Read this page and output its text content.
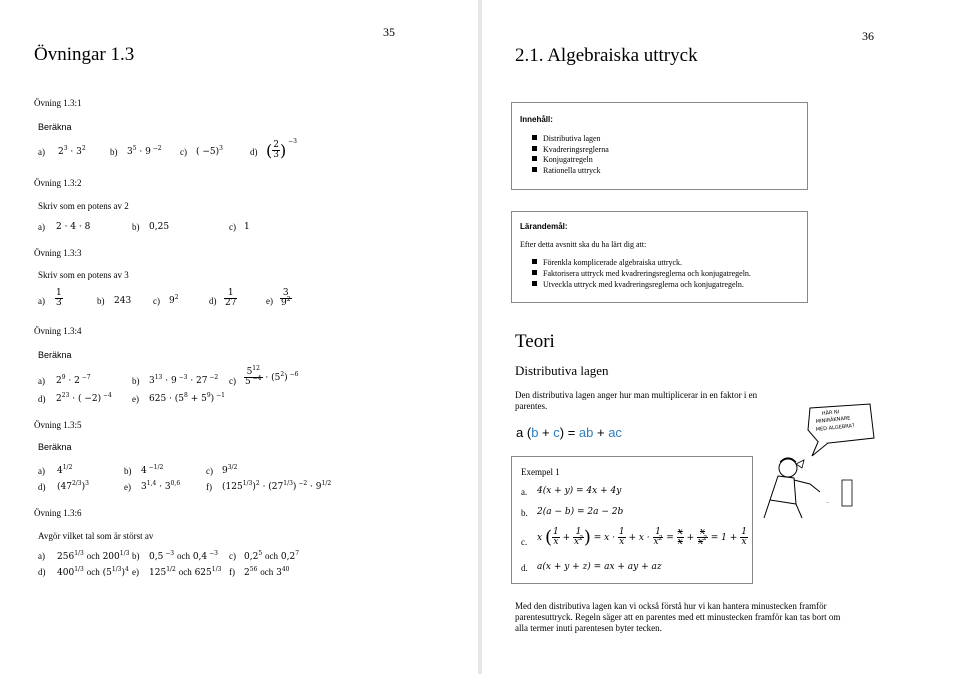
35
Övningar 1.3
Övning 1.3:1
Beräkna
a) $2^3 \cdot 3^2$	b) $3^5 \cdot 9$ $^{-2}$ c) ( −5)$^3$	d) ( $\frac{2}{3}$ ) $^{-3}$
Övning 1.3:2
Skriv som en potens av 2
a) 2 · 4 · 8	b) 0,25	c) 1
Övning 1.3:3
Skriv som en potens av 3
$a) \frac{1}{3}$	b) 243 c) $9^2$	$d) \frac{1}{27}$	$e) \frac{3}{9^2}$
Övning 1.3:4
Beräkna
a) $2^9 \cdot 2$ $^{-7}$	b) $3^{13} \cdot 9$ $^{-3}$ · 27 $^{-2}$ $c) \frac{5^{12}}{5 ^{-4}} \cdot (5^2)$ $^{-6}$
d) $2^{23}$ · ( −2) $^{-4}$ e) $625 \cdot (5^8 + 5^9)$ $^{-1}$
Övning 1.3:5
Beräkna
a) $4^{1/2}$	b) 4 $^{-1/2}$	c) $9^{3/2}$
d) $(47^{2/3})^3$	e) $3^{1,4} \cdot 3^{0,6}$	f) $(125^{1/3})^2 \cdot (27^{1/3}) ^{-2} \cdot 9^{1/2}$
Övning 1.3:6
Avgör vilket tal som är störst av
a) $256^{1/3}$ och $200^{1/3}$ b) 0,5 $^{-3}$ och 0,4 $^{-3}$ c) $0,2^5$ och $0,2^7$
d) $400^{1/3}$ och $(5^{1/3})^4$ e) $125^{1/2}$ och $625^{1/3}$ f) $2^{56}$ och $3^{40}$
36
2.1. Algebraiska uttryck
Innehåll:
Distributiva lagen
Kvadreringsreglerna
Konjugatregeln
Rationella uttryck
Lärandemål:
Efter detta avsnitt ska du ha lärt dig att:
Förenkla komplicerade algebraiska uttryck.
Faktorisera uttryck med kvadreringsreglerna och konjugatregeln.
Utveckla uttryck med kvadreringsreglerna och konjugatregeln.
Teori
Distributiva lagen
Den distributiva lagen anger hur man multiplicerar in en faktor i en parentes.
a (b + c) = ab + ac
HÄR NI
MINIRÄKNARE
MED ALGEBRA?
~
Exempel 1
a. 4(x + y) = 4x + 4y
b. 2(a − b) = 2a − 2b
c. x ( $\frac{1}{x} + \frac{1}{x^2}$ ) = $x \cdot \frac{1}{x} + x \cdot \frac{1}{x^2} = \frac{x}{x} + \frac{x}{x^2} = 1 + \frac{1}{x}$
d. a(x + y + z) = ax + ay + az
Med den distributiva lagen kan vi också förstå hur vi kan hantera minustecken framför parentesuttryck. Regeln säger att en parentes med ett minustecken framför kan tas bort om alla termer inuti parentesen byter tecken.
